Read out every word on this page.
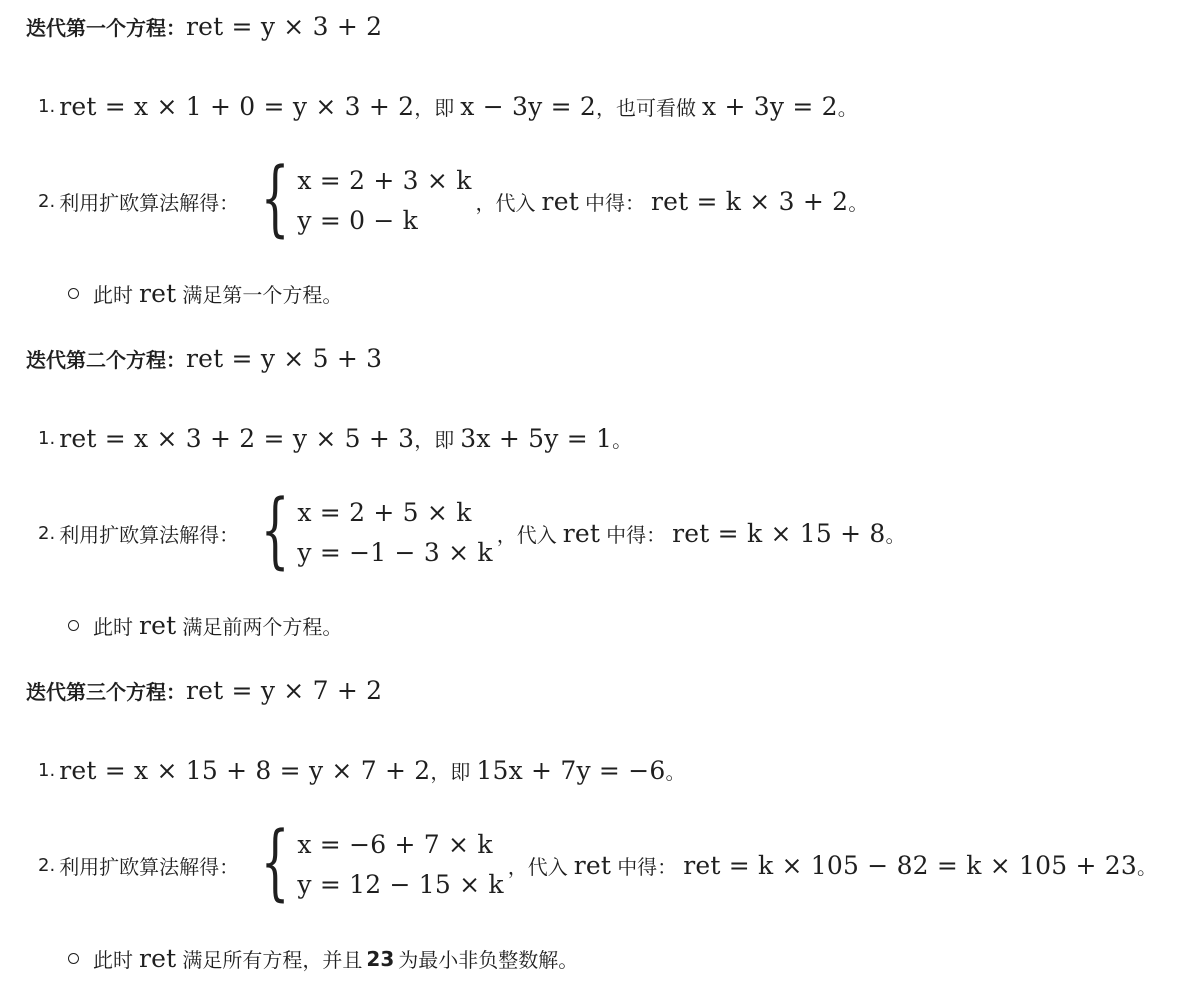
迭代第一个方程： ret = y × 3 + 2
1. ret = x × 1 + 0 = y × 3 + 2 ，即 x − 3y = 2 ，也可看做 x + 3y = 2 。
2. 利用扩欧算法解得： { x = 2 + 3 × k
y = 0 − k
，代入 ret 中得： ret = k × 3 + 2 。
此时 ret 满足第一个方程。
迭代第二个方程： ret = y × 5 + 3
1. ret = x × 3 + 2 = y × 5 + 3 ，即 3x + 5y = 1 。
2. 利用扩欧算法解得： { x = 2 + 5 × k
y = −1 − 3 × k
，代入 ret 中得： ret = k × 15 + 8 。
此时 ret 满足前两个方程。
迭代第三个方程： ret = y × 7 + 2
1. ret = x × 15 + 8 = y × 7 + 2 ，即 15x + 7y = −6 。
2. 利用扩欧算法解得： { x = −6 + 7 × k
y = 12 − 15 × k
，代入 ret 中得： ret = k × 105 − 82 = k × 105 + 23 。
此时 ret 满足所有方程，并且 23 为最小非负整数解。
